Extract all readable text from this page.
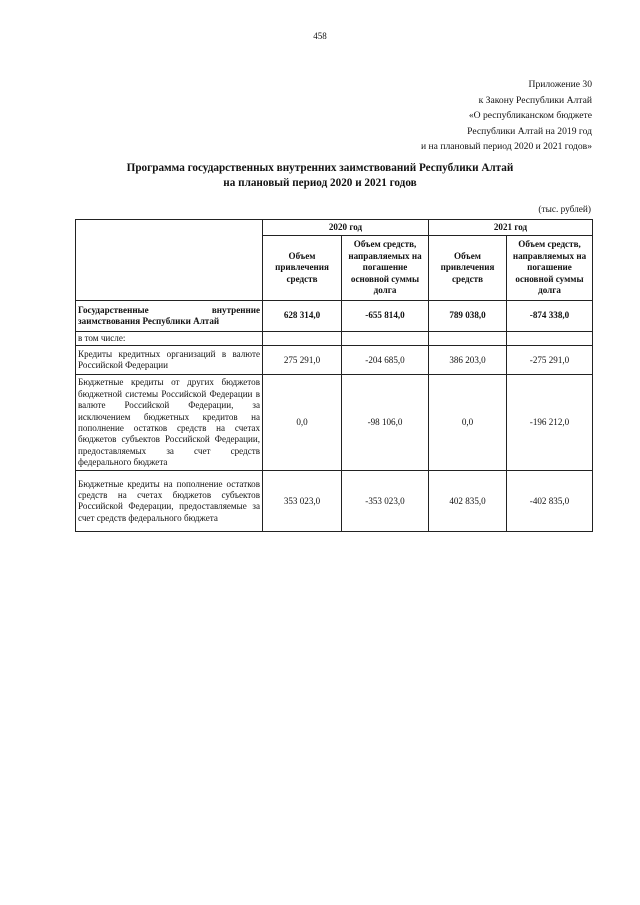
458
Приложение 30
к Закону Республики Алтай
«О республиканском бюджете
Республики Алтай на 2019 год
и на плановый период 2020 и 2021 годов»
Программа государственных внутренних заимствований Республики Алтай
на плановый период 2020 и 2021 годов
(тыс. рублей)
	2020 год		2021 год	
	Объем привлечения средств	Объем средств, направляемых на погашение основной суммы долга	Объем привлечения средств	Объем средств, направляемых на погашение основной суммы долга
Государственные внутренние заимствования Республики Алтай	628 314,0	-655 814,0	789 038,0	-874 338,0
в том числе:				
Кредиты кредитных организаций в валюте Российской Федерации	275 291,0	-204 685,0	386 203,0	-275 291,0
Бюджетные кредиты от других бюджетов бюджетной системы Российской Федерации в валюте Российской Федерации, за исключением бюджетных кредитов на пополнение остатков средств на счетах бюджетов субъектов Российской Федерации, предоставляемых за счет средств федерального бюджета	0,0	-98 106,0	0,0	-196 212,0
Бюджетные кредиты на пополнение остатков средств на счетах бюджетов субъектов Российской Федерации, предоставляемые за счет средств федерального бюджета	353 023,0	-353 023,0	402 835,0	-402 835,0
